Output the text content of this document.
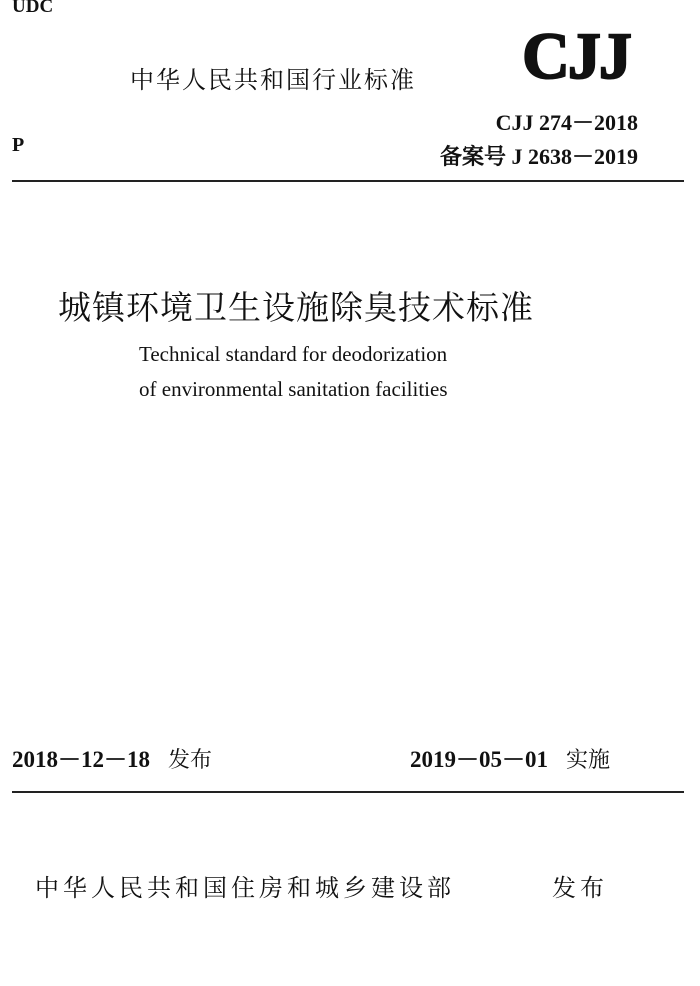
UDC
中华人民共和国行业标准 CJJ
CJJ 274－2018
P	备案号 J 2638－2019
城镇环境卫生设施除臭技术标准
Technical standard for deodorization
of environmental sanitation facilities
2018－12－18 发布	2019－05－01 实施
中华人民共和国住房和城乡建设部	发布
